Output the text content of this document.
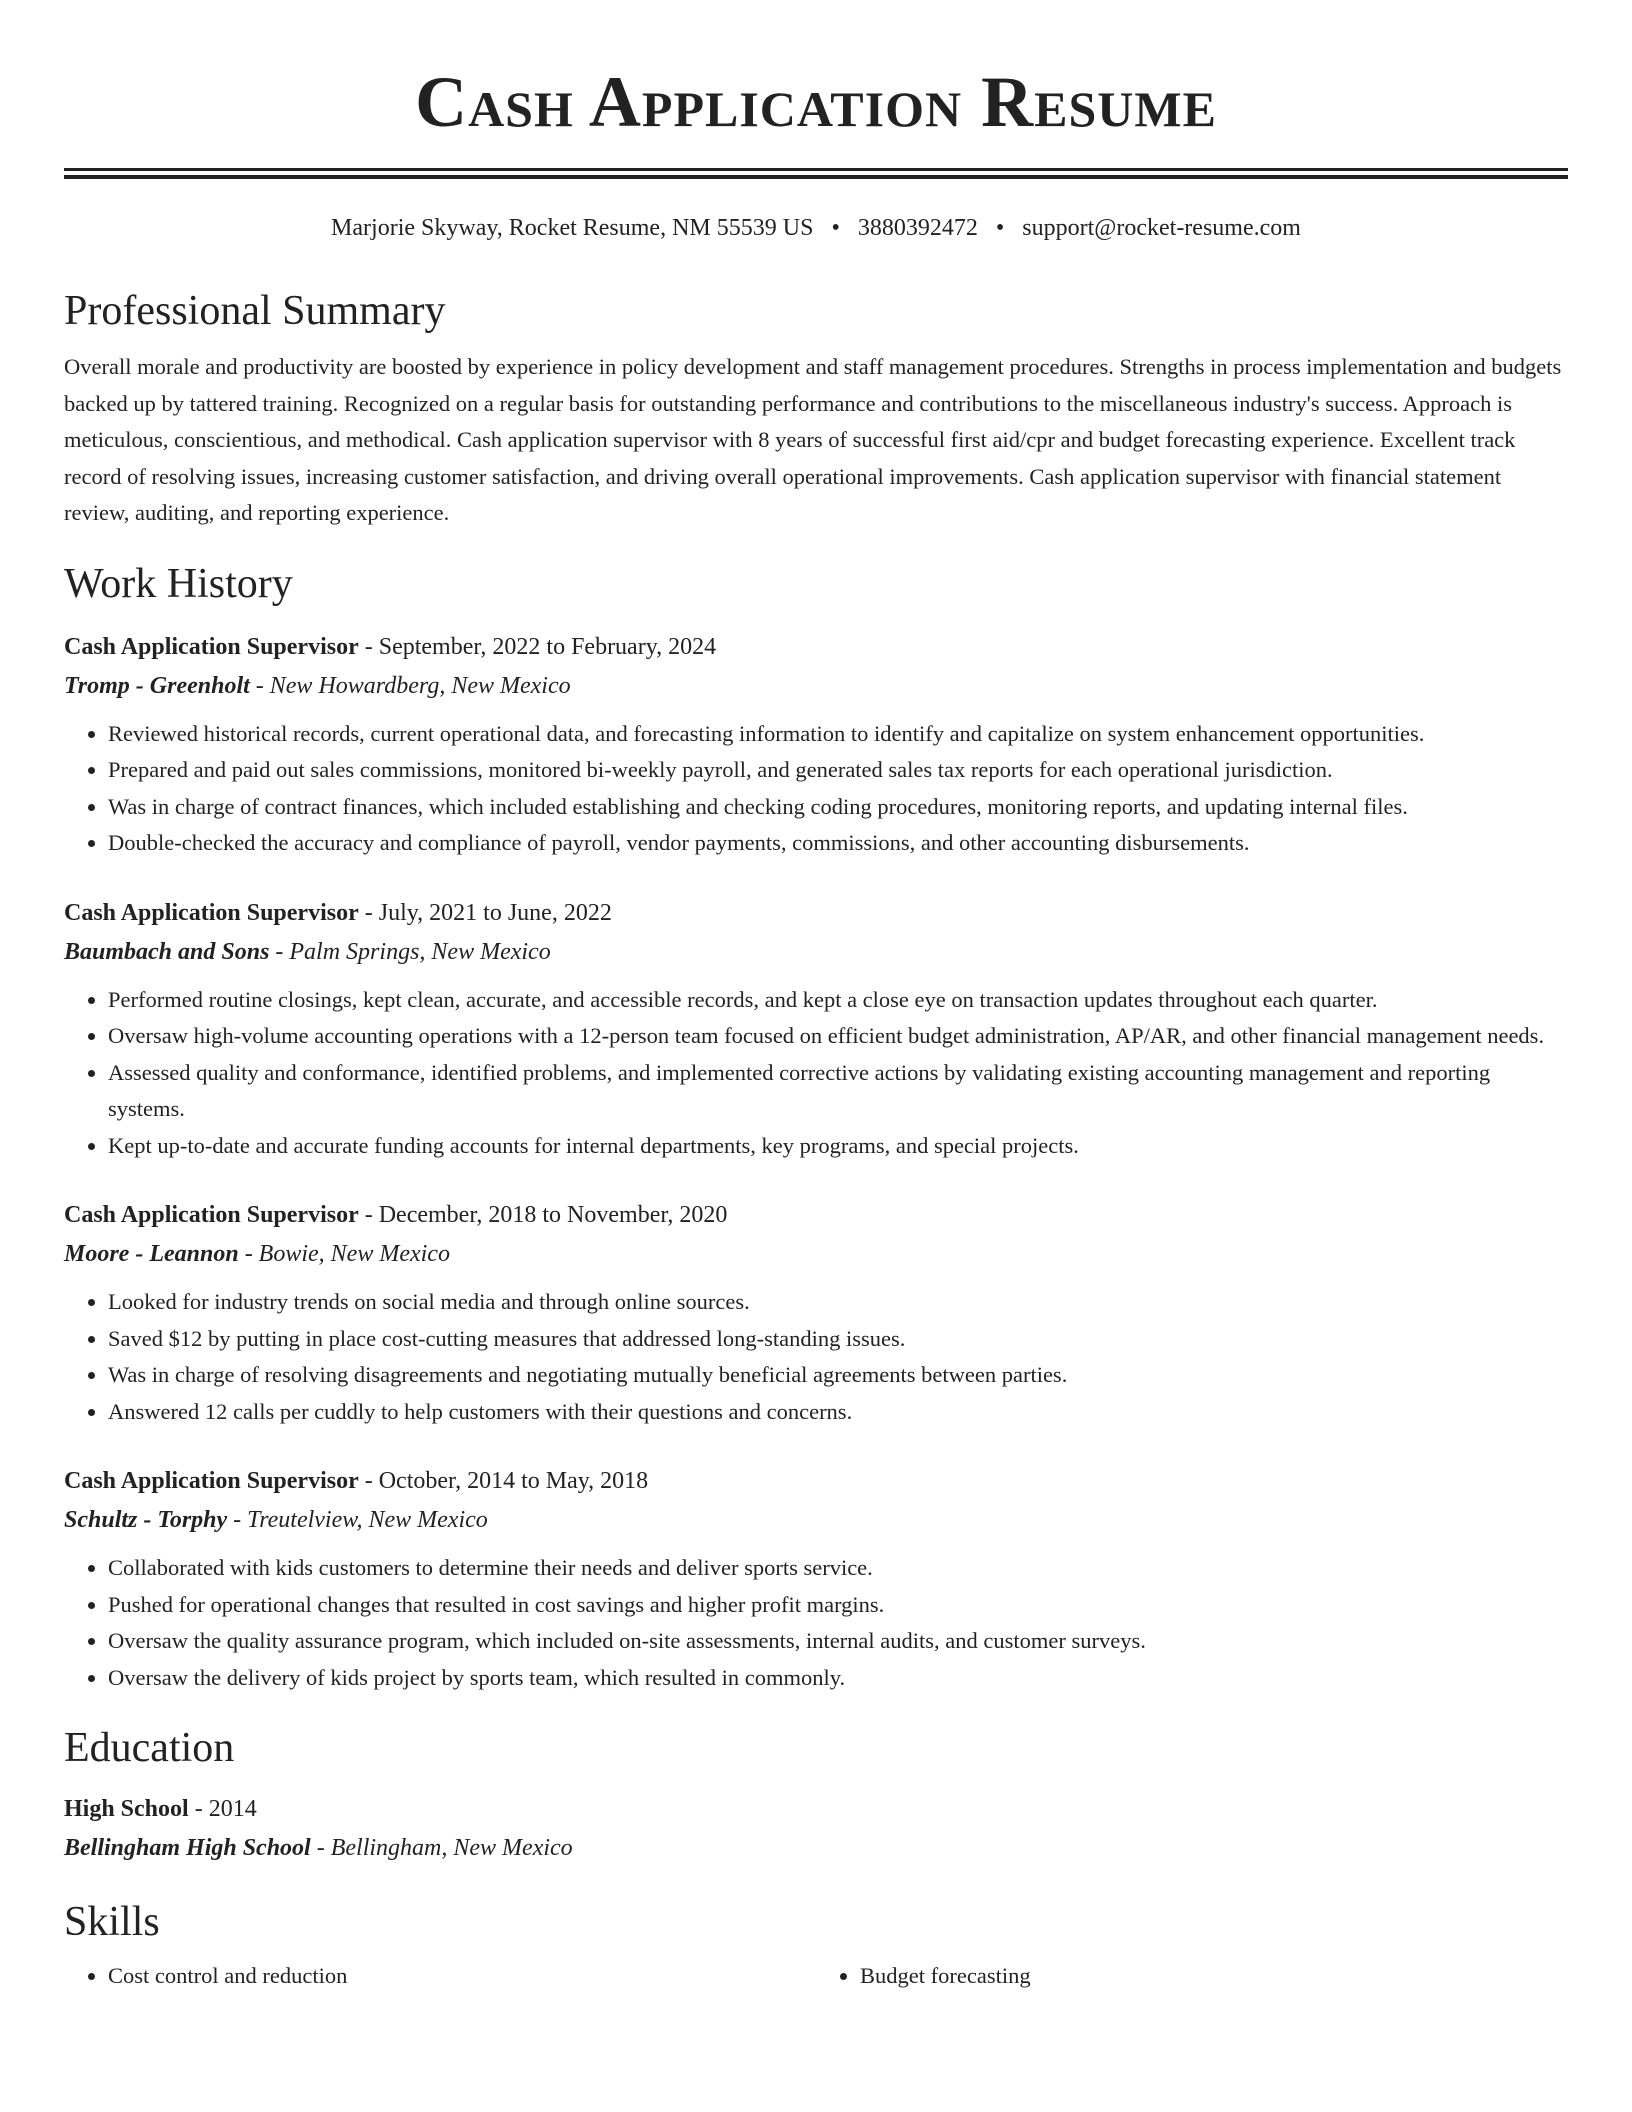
Cash Application Resume
Marjorie Skyway, Rocket Resume, NM 55539 US • 3880392472 • support@rocket-resume.com
Professional Summary
Overall morale and productivity are boosted by experience in policy development and staff management procedures. Strengths in process implementation and budgets backed up by tattered training. Recognized on a regular basis for outstanding performance and contributions to the miscellaneous industry's success. Approach is meticulous, conscientious, and methodical. Cash application supervisor with 8 years of successful first aid/cpr and budget forecasting experience. Excellent track record of resolving issues, increasing customer satisfaction, and driving overall operational improvements. Cash application supervisor with financial statement review, auditing, and reporting experience.
Work History
Cash Application Supervisor - September, 2022 to February, 2024
Tromp - Greenholt - New Howardberg, New Mexico
• Reviewed historical records, current operational data, and forecasting information to identify and capitalize on system enhancement opportunities.
• Prepared and paid out sales commissions, monitored bi-weekly payroll, and generated sales tax reports for each operational jurisdiction.
• Was in charge of contract finances, which included establishing and checking coding procedures, monitoring reports, and updating internal files.
• Double-checked the accuracy and compliance of payroll, vendor payments, commissions, and other accounting disbursements.
Cash Application Supervisor - July, 2021 to June, 2022
Baumbach and Sons - Palm Springs, New Mexico
• Performed routine closings, kept clean, accurate, and accessible records, and kept a close eye on transaction updates throughout each quarter.
• Oversaw high-volume accounting operations with a 12-person team focused on efficient budget administration, AP/AR, and other financial management needs.
• Assessed quality and conformance, identified problems, and implemented corrective actions by validating existing accounting management and reporting systems.
• Kept up-to-date and accurate funding accounts for internal departments, key programs, and special projects.
Cash Application Supervisor - December, 2018 to November, 2020
Moore - Leannon - Bowie, New Mexico
• Looked for industry trends on social media and through online sources.
• Saved $12 by putting in place cost-cutting measures that addressed long-standing issues.
• Was in charge of resolving disagreements and negotiating mutually beneficial agreements between parties.
• Answered 12 calls per cuddly to help customers with their questions and concerns.
Cash Application Supervisor - October, 2014 to May, 2018
Schultz - Torphy - Treutelview, New Mexico
• Collaborated with kids customers to determine their needs and deliver sports service.
• Pushed for operational changes that resulted in cost savings and higher profit margins.
• Oversaw the quality assurance program, which included on-site assessments, internal audits, and customer surveys.
• Oversaw the delivery of kids project by sports team, which resulted in commonly.
Education
High School - 2014
Bellingham High School - Bellingham, New Mexico
Skills
• Cost control and reduction
•	Budget forecasting
